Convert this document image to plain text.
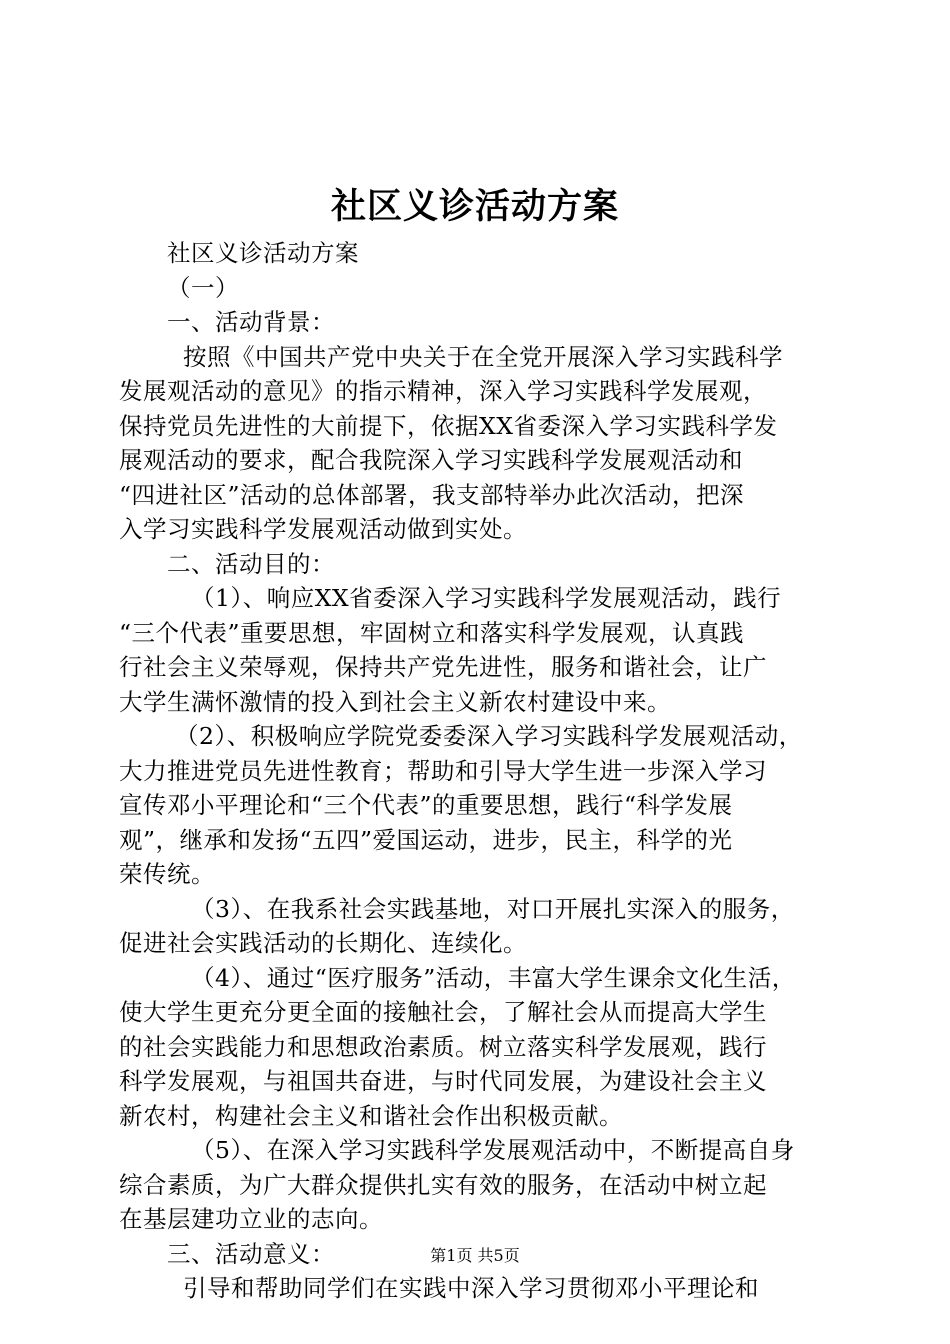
社区义诊活动方案
社区义诊活动方案
（一）
一、活动背景：
按照《中国共产党中央关于在全党开展深入学习实践科学
发展观活动的意见》的指示精神，深入学习实践科学发展观，
保持党员先进性的大前提下，依据XX省委深入学习实践科学发
展观活动的要求，配合我院深入学习实践科学发展观活动和
“四进社区”活动的总体部署，我支部特举办此次活动，把深
入学习实践科学发展观活动做到实处。
二、活动目的：
（1）、响应XX省委深入学习实践科学发展观活动，践行
“三个代表”重要思想，牢固树立和落实科学发展观，认真践
行社会主义荣辱观，保持共产党先进性，服务和谐社会，让广
大学生满怀激情的投入到社会主义新农村建设中来。
（2）、积极响应学院党委委深入学习实践科学发展观活动，
大力推进党员先进性教育；帮助和引导大学生进一步深入学习
宣传邓小平理论和“三个代表”的重要思想，践行“科学发展
观”，继承和发扬“五四”爱国运动，进步，民主，科学的光
荣传统。
（3）、在我系社会实践基地，对口开展扎实深入的服务，
促进社会实践活动的长期化、连续化。
（4）、通过“医疗服务”活动，丰富大学生课余文化生活，
使大学生更充分更全面的接触社会，了解社会从而提高大学生
的社会实践能力和思想政治素质。树立落实科学发展观，践行
科学发展观，与祖国共奋进，与时代同发展，为建设社会主义
新农村，构建社会主义和谐社会作出积极贡献。
（5）、在深入学习实践科学发展观活动中，不断提高自身
综合素质，为广大群众提供扎实有效的服务，在活动中树立起
在基层建功立业的志向。
三、活动意义：
引导和帮助同学们在实践中深入学习贯彻邓小平理论和
第1页 共5页
